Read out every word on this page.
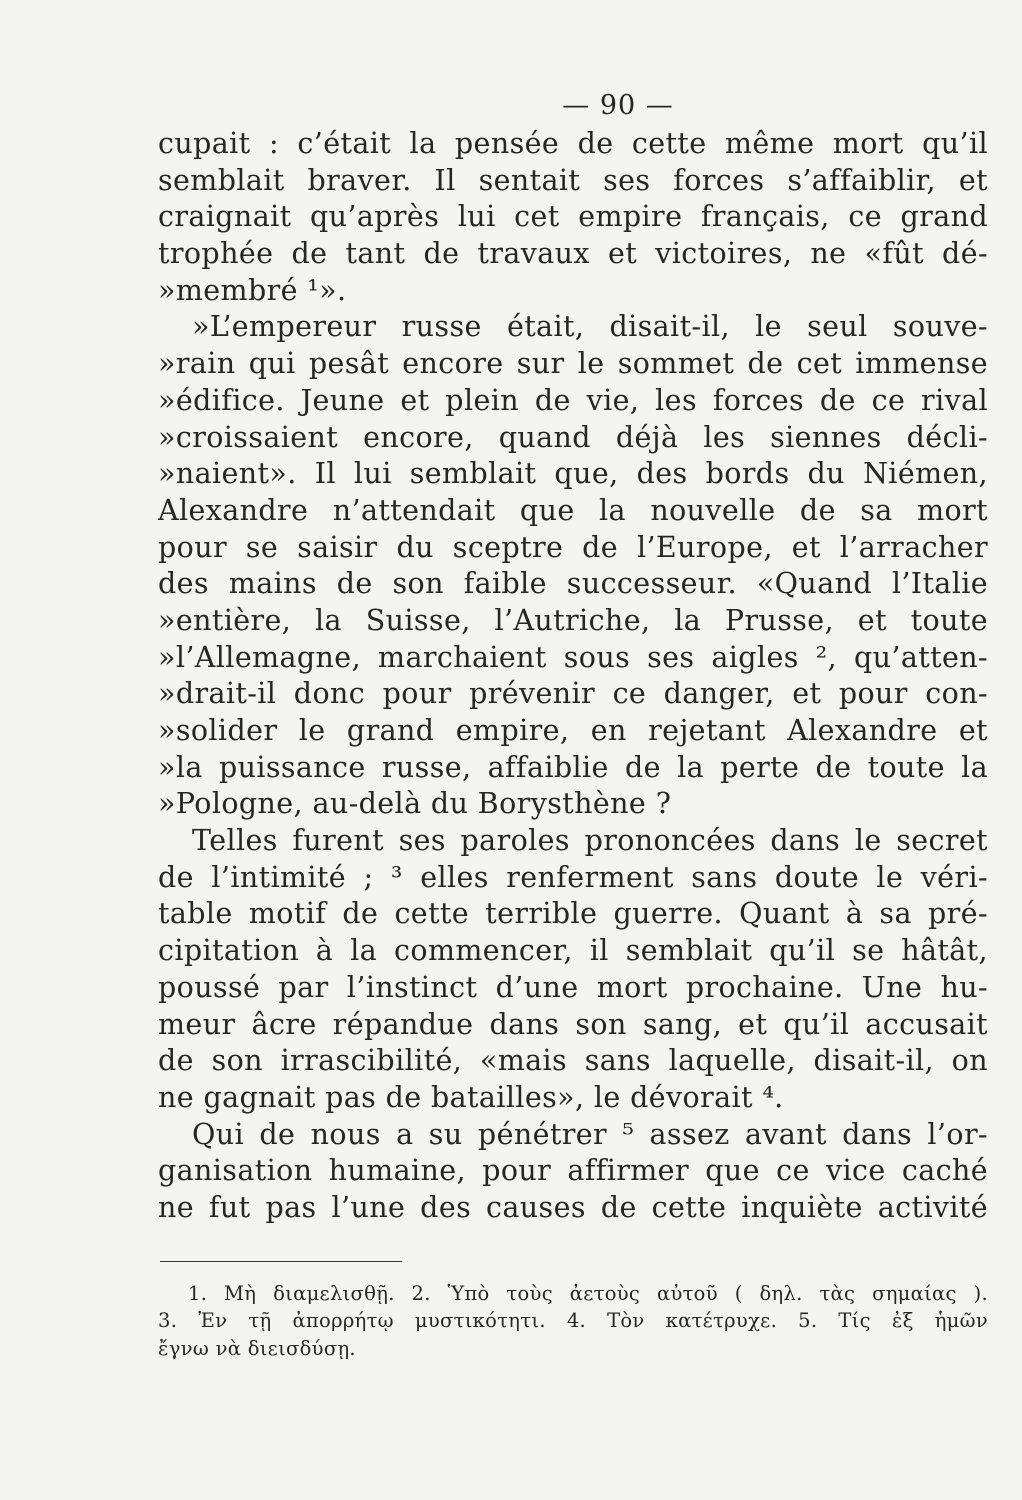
— 90 —
cupait : c’était la pensée de cette même mort qu’il
semblait braver. Il sentait ses forces s’affaiblir, et
craignait qu’après lui cet empire français, ce grand
trophée de tant de travaux et victoires, ne «fût dé-
»membré ¹».
»L’empereur russe était, disait-il, le seul souve-
»rain qui pesât encore sur le sommet de cet immense
»édifice. Jeune et plein de vie, les forces de ce rival
»croissaient encore, quand déjà les siennes décli-
»naient». Il lui semblait que, des bords du Niémen,
Alexandre n’attendait que la nouvelle de sa mort
pour se saisir du sceptre de l’Europe, et l’arracher
des mains de son faible successeur. «Quand l’Italie
»entière, la Suisse, l’Autriche, la Prusse, et toute
»l’Allemagne, marchaient sous ses aigles ², qu’atten-
»drait-il donc pour prévenir ce danger, et pour con-
»solider le grand empire, en rejetant Alexandre et
»la puissance russe, affaiblie de la perte de toute la
»Pologne, au-delà du Borysthène ?
Telles furent ses paroles prononcées dans le secret
de l’intimité ; ³ elles renferment sans doute le véri-
table motif de cette terrible guerre. Quant à sa pré-
cipitation à la commencer, il semblait qu’il se hâtât,
poussé par l’instinct d’une mort prochaine. Une hu-
meur âcre répandue dans son sang, et qu’il accusait
de son irrascibilité, «mais sans laquelle, disait-il, on
ne gagnait pas de batailles», le dévorait ⁴.
Qui de nous a su pénétrer ⁵ assez avant dans l’or-
ganisation humaine, pour affirmer que ce vice caché
ne fut pas l’une des causes de cette inquiète activité
1. Μὴ διαμελισθῇ. 2. Ὑπὸ τοὺς ἀετοὺς αὐτοῦ ( δηλ. τὰς σημαίας ).
3. Ἐν τῇ ἀπορρήτῳ μυστικότητι. 4. Τὸν κατέτρυχε. 5. Τίς ἐξ ἡμῶν
ἔγνω νὰ διεισδύσῃ.
